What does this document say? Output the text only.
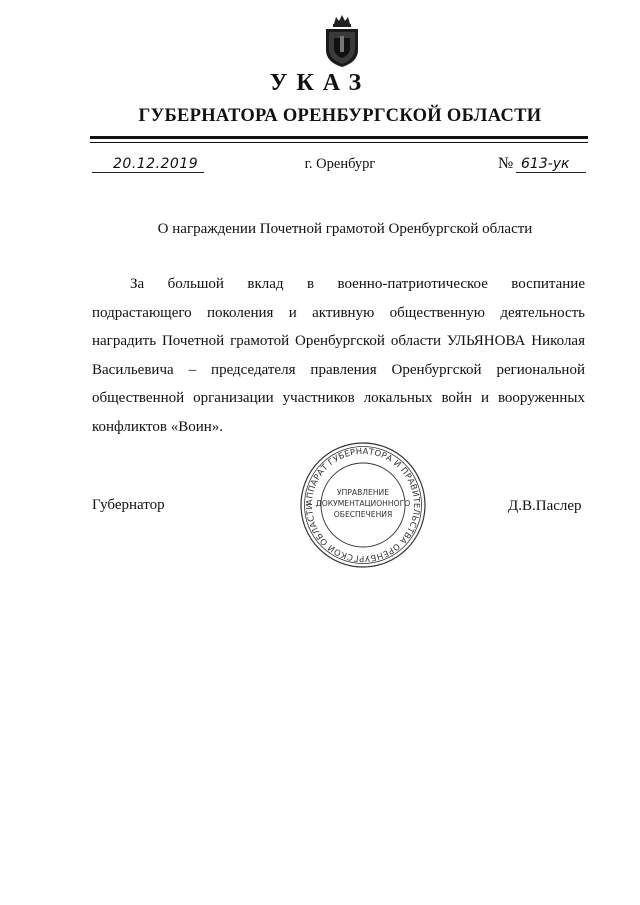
УКАЗ
ГУБЕРНАТОРА ОРЕНБУРГСКОЙ ОБЛАСТИ
20.12.2019	г. Оренбург	№ 613-ук
О награждении Почетной грамотой Оренбургской области
За большой вклад в военно-патриотическое воспитание подрастающего поколения и активную общественную деятельность наградить Почетной грамотой Оренбургской области УЛЬЯНОВА Николая Васильевича – председателя правления Оренбургской региональной общественной организации участников локальных войн и вооруженных конфликтов «Воин».
АППАРАТ ГУБЕРНАТОРА И ПРАВИТЕЛЬСТВА ОРЕНБУРГСКОЙ ОБЛАСТИ
УПРАВЛЕНИЕ
ДОКУМЕНТАЦИОННОГО
ОБЕСПЕЧЕНИЯ
Губернатор	Д.В.Паслер
